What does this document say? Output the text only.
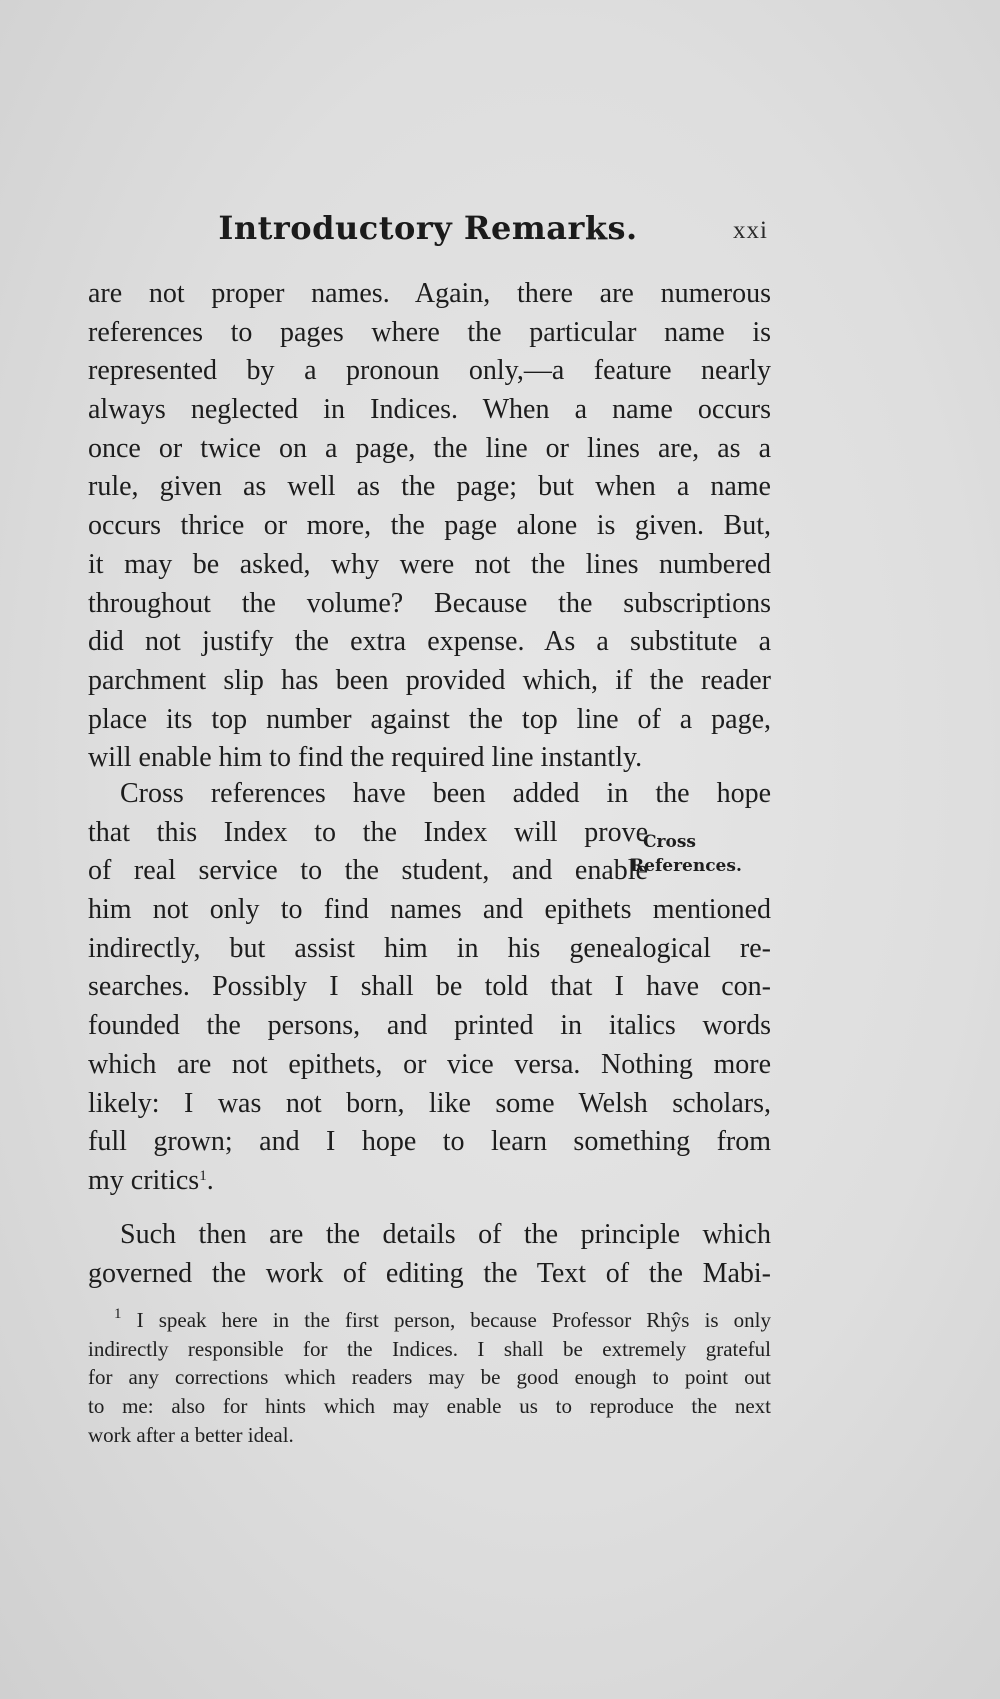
Introductory Remarks.	xxi
are not proper names. Again, there are numerous
references to pages where the particular name is
represented by a pronoun only,—a feature nearly
always neglected in Indices. When a name occurs
once or twice on a page, the line or lines are, as a
rule, given as well as the page; but when a name
occurs thrice or more, the page alone is given. But,
it may be asked, why were not the lines numbered
throughout the volume? Because the subscriptions
did not justify the extra expense. As a substitute a
parchment slip has been provided which, if the reader
place its top number against the top line of a page,
will enable him to find the required line instantly.
Cross references have been added in the hope
that this Index to the Index will prove
of real service to the student, and enable
him not only to find names and epithets mentioned
indirectly, but assist him in his genealogical re-
searches. Possibly I shall be told that I have con-
founded the persons, and printed in italics words
which are not epithets, or vice versa. Nothing more
likely: I was not born, like some Welsh scholars,
full grown; and I hope to learn something from
my critics$^1$.
Cross
References.
Such then are the details of the principle which
governed the work of editing the Text of the Mabi-
$^1$ I speak here in the first person, because Professor Rhŷs is only
indirectly responsible for the Indices. I shall be extremely grateful
for any corrections which readers may be good enough to point out
to me: also for hints which may enable us to reproduce the next
work after a better ideal.
